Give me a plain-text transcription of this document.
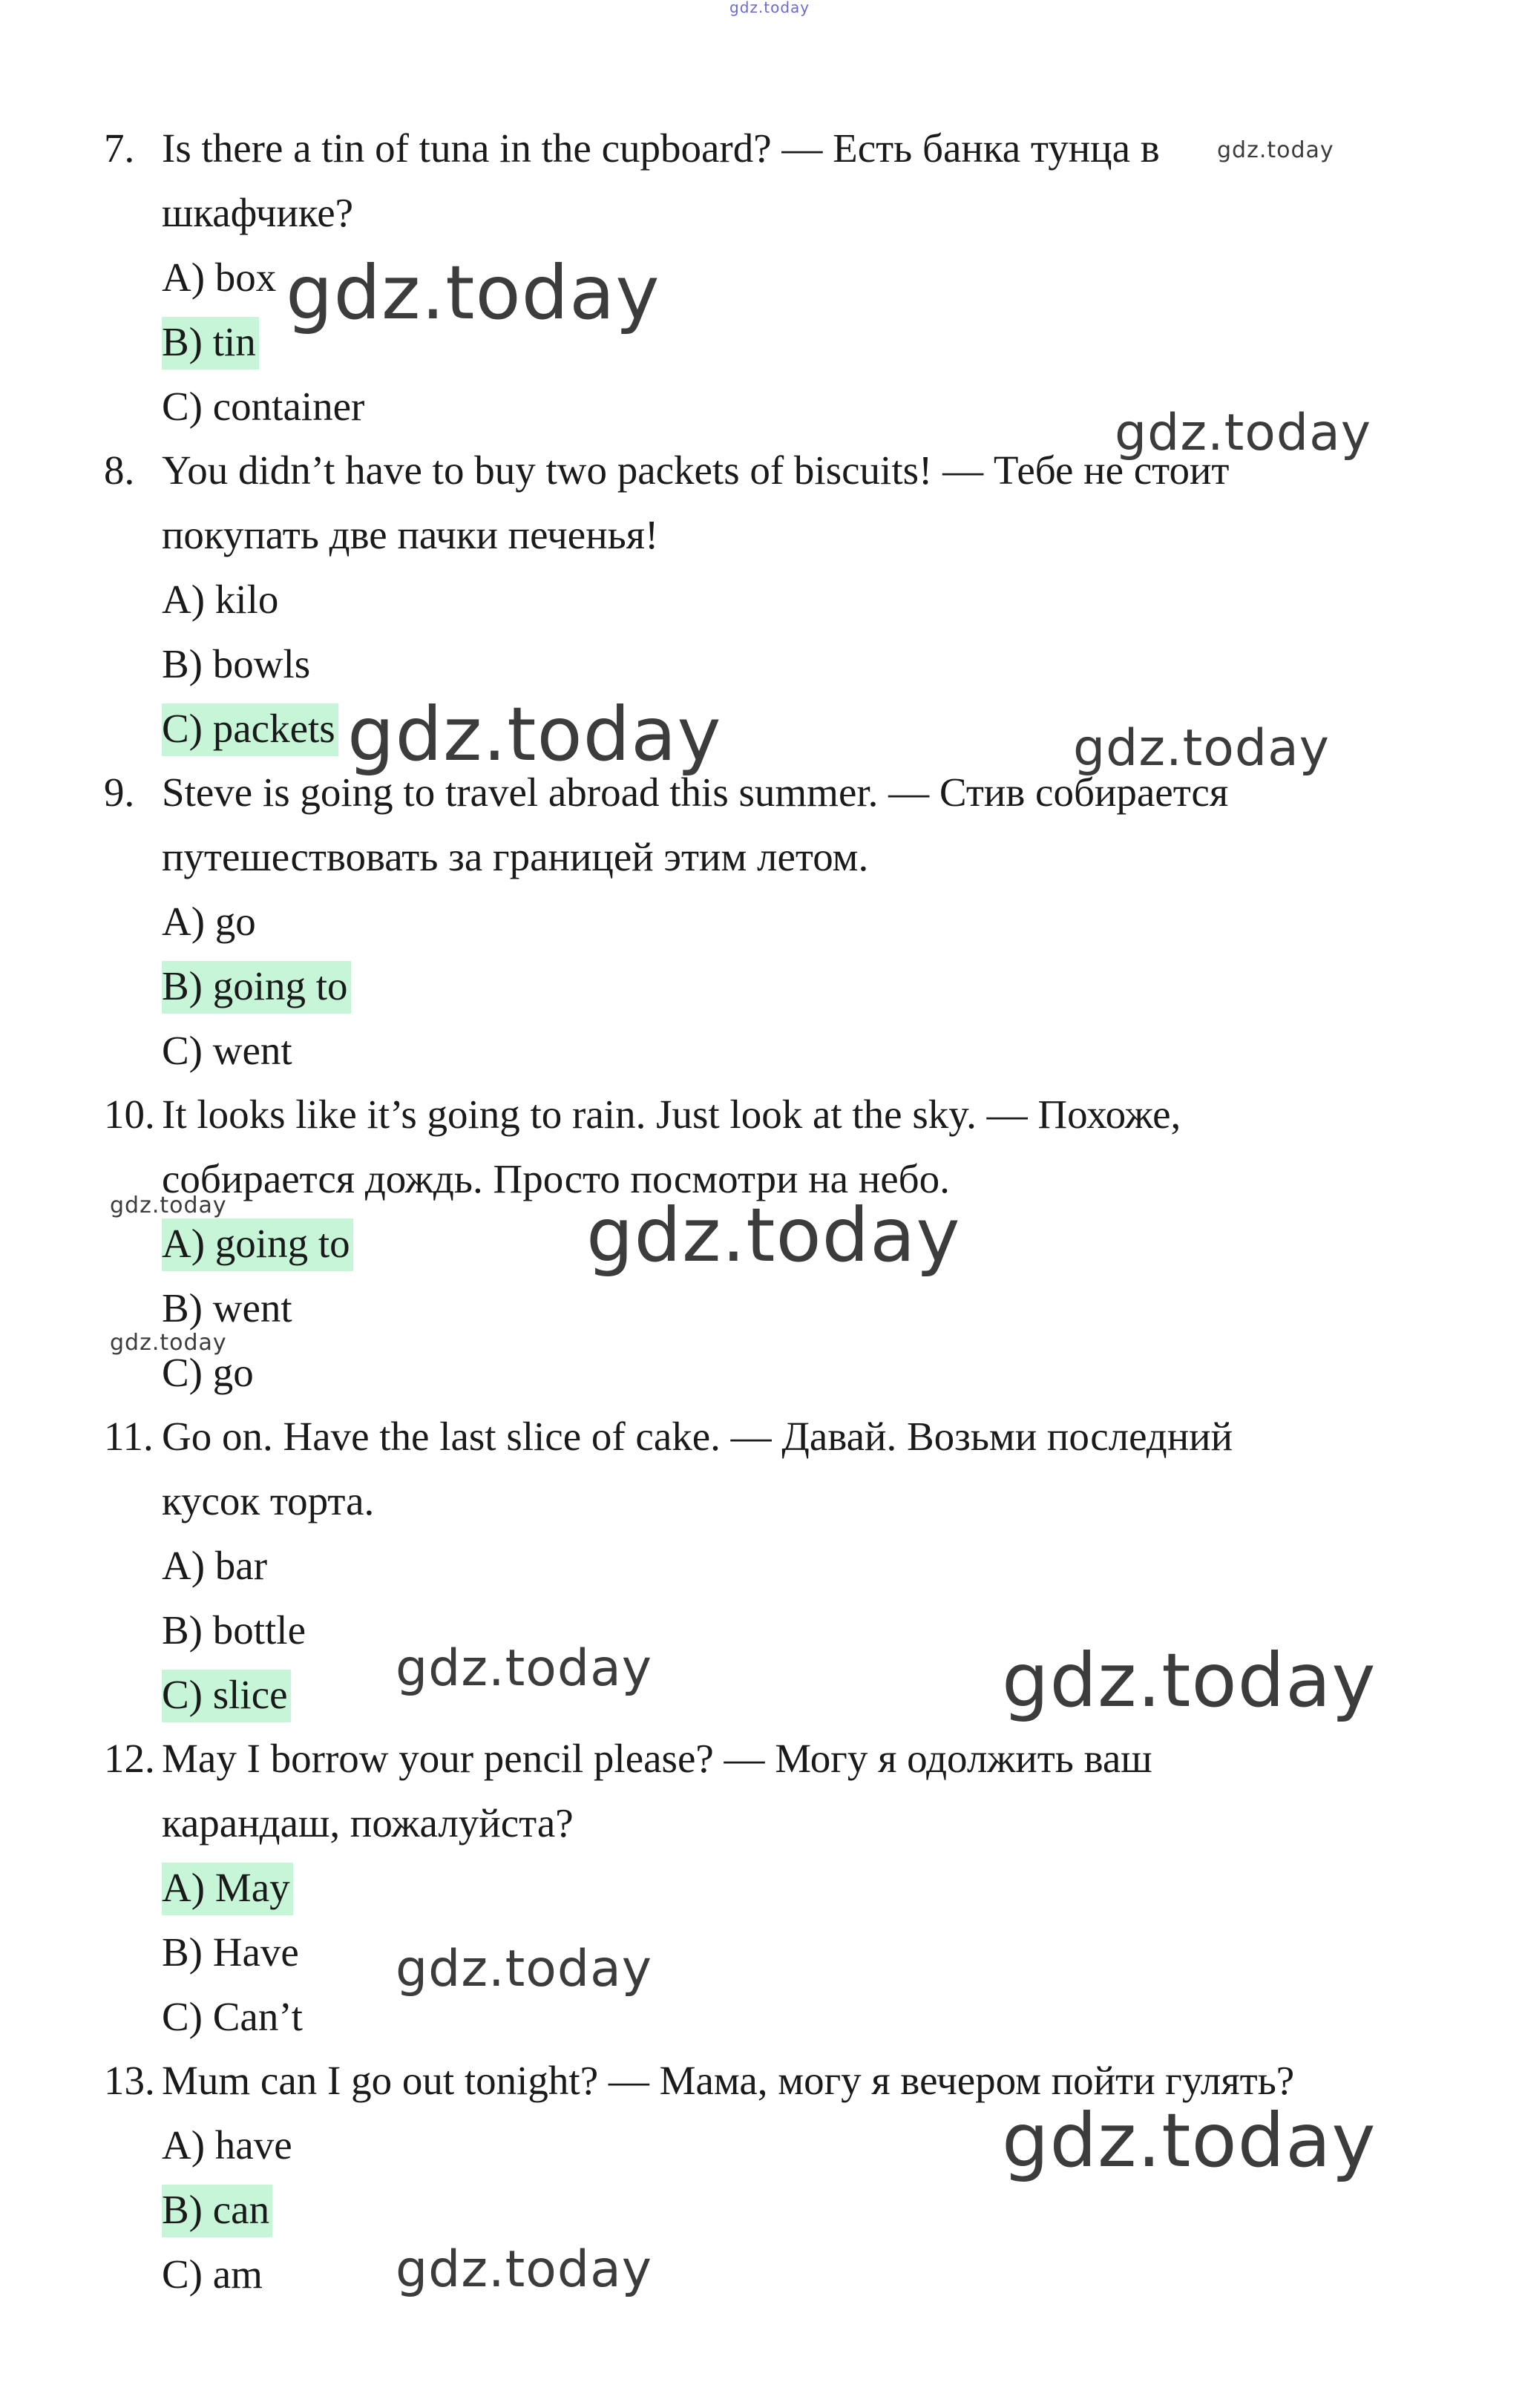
gdz.today
gdz.today
gdz.today
gdz.today
gdz.today	gdz.today
gdz.today	gdz.today
gdz.today
gdz.today	gdz.today
gdz.today
gdz.today
gdz.today
7. Is there a tin of tuna in the cupboard? — Есть банка тунца в
шкафчике?
A) box
B) tin
C) container
8. You didn’t have to buy two packets of biscuits! — Тебе не стоит
покупать две пачки печенья!
A) kilo
B) bowls
C) packets
9. Steve is going to travel abroad this summer. — Стив собирается
путешествовать за границей этим летом.
A) go
B) going to
C) went
10. It looks like it’s going to rain. Just look at the sky. — Похоже,
собирается дождь. Просто посмотри на небо.
A) going to
B) went
C) go
11. Go on. Have the last slice of cake. — Давай. Возьми последний
кусок торта.
A) bar
B) bottle
C) slice
12. May I borrow your pencil please? — Могу я одолжить ваш
карандаш, пожалуйста?
A) May
B) Have
C) Can’t
13. Mum can I go out tonight? — Мама, могу я вечером пойти гулять?
A) have
B) can
C) am
